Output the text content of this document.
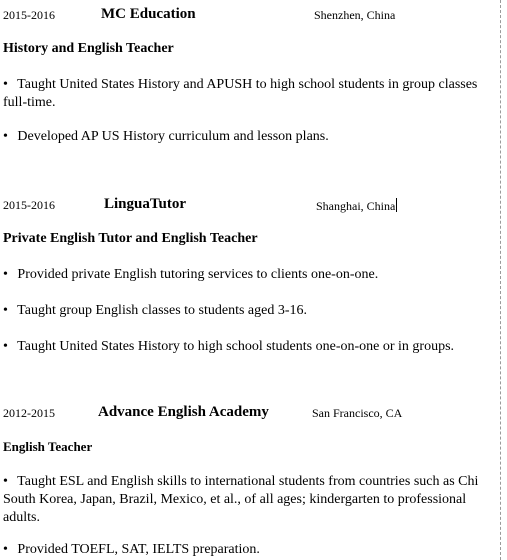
2015-2016	MC Education	Shenzhen, China
History and English Teacher
• Taught United States History and APUSH to high school students in group classes
full-time.
• Developed AP US History curriculum and lesson plans.
2015-2016	LinguaTutor	Shanghai, China
Private English Tutor and English Teacher
• Provided private English tutoring services to clients one-on-one.
• Taught group English classes to students aged 3-16.
• Taught United States History to high school students one-on-one or in groups.
2012-2015	Advance English Academy	San Francisco, CA
English Teacher
• Taught ESL and English skills to international students from countries such as Chi
South Korea, Japan, Brazil, Mexico, et al., of all ages; kindergarten to professional
adults.
• Provided TOEFL, SAT, IELTS preparation.
